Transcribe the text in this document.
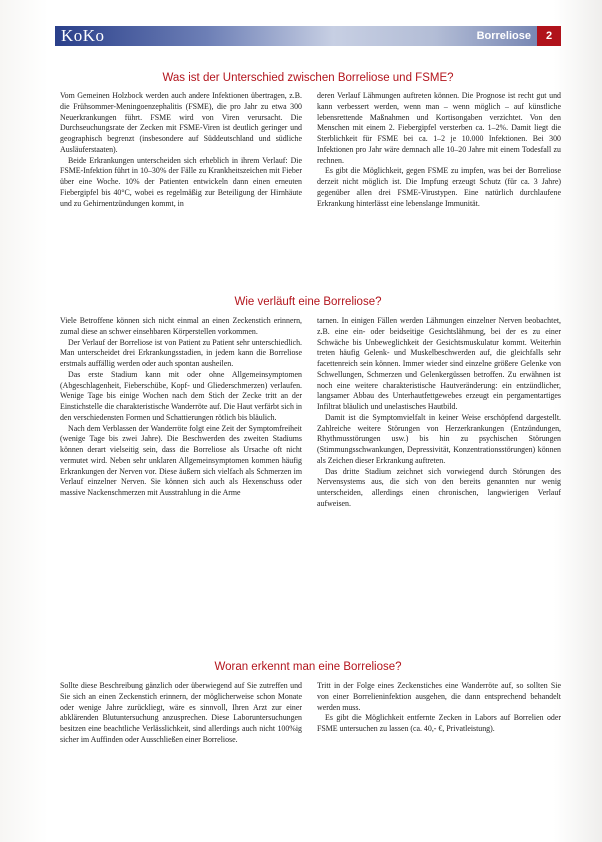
KoKo	Borreliose	2
Was ist der Unterschied zwischen Borreliose und FSME?

Vom Gemeinen Holzbock werden auch andere Infektionen übertragen, z.B. die Frühsommer-Meningoenzephalitis (FSME), die pro Jahr zu etwa 300 Neuerkrankungen führt. FSME wird von Viren verursacht. Die Durchseuchungsrate der Zecken mit FSME-Viren ist deutlich geringer und geographisch begrenzt (insbesondere auf Süddeutschland und südliche Ausläuferstaaten).

Beide Erkrankungen unterscheiden sich erheblich in ihrem Verlauf: Die FSME-Infektion führt in 10–30% der Fälle zu Krankheitszeichen mit Fieber über eine Woche. 10% der Patienten entwickeln dann einen erneuten Fiebergipfel bis 40°C, wobei es regelmäßig zur Beteiligung der Hirnhäute und zu Gehirnentzündungen kommt, in

deren Verlauf Lähmungen auftreten können. Die Prognose ist recht gut und kann verbessert werden, wenn man – wenn möglich – auf künstliche lebensrettende Maßnahmen und Kortisongaben verzichtet. Von den Menschen mit einem 2. Fiebergipfel versterben ca. 1–2%. Damit liegt die Sterblichkeit für FSME bei ca. 1–2 je 10.000 Infektionen. Bei 300 Infektionen pro Jahr wäre demnach alle 10–20 Jahre mit einem Todesfall zu rechnen.

Es gibt die Möglichkeit, gegen FSME zu impfen, was bei der Borreliose derzeit nicht möglich ist. Die Impfung erzeugt Schutz (für ca. 3 Jahre) gegenüber allen drei FSME-Virustypen. Eine natürlich durchlaufene Erkrankung hinterlässt eine lebenslange Immunität.

Wie verläuft eine Borreliose?

Viele Betroffene können sich nicht einmal an einen Zeckenstich erinnern, zumal diese an schwer einsehbaren Körperstellen vorkommen.

Der Verlauf der Borreliose ist von Patient zu Patient sehr unterschiedlich. Man unterscheidet drei Erkrankungsstadien, in jedem kann die Borreliose erstmals auffällig werden oder auch spontan ausheilen.

Das erste Stadium kann mit oder ohne Allgemeinsymptomen (Abgeschlagenheit, Fieberschübe, Kopf- und Gliederschmerzen) verlaufen. Wenige Tage bis einige Wochen nach dem Stich der Zecke tritt an der Einstichstelle die charakteristische Wanderröte auf. Die Haut verfärbt sich in den verschiedensten Formen und Schattierungen rötlich bis bläulich.

Nach dem Verblassen der Wanderröte folgt eine Zeit der Symptomfreiheit (wenige Tage bis zwei Jahre). Die Beschwerden des zweiten Stadiums können derart vielseitig sein, dass die Borreliose als Ursache oft nicht vermutet wird. Neben sehr unklaren Allgemeinsymptomen kommen häufig Erkrankungen der Nerven vor. Diese äußern sich vielfach als Schmerzen im Verlauf einzelner Nerven. Sie können sich auch als Hexenschuss oder massive Nackenschmerzen mit Ausstrahlung in die Arme

tarnen. In einigen Fällen werden Lähmungen einzelner Nerven beobachtet, z.B. eine ein- oder beidseitige Gesichtslähmung, bei der es zu einer Schwäche bis Unbeweglichkeit der Gesichtsmuskulatur kommt. Weiterhin treten häufig Gelenk- und Muskelbeschwerden auf, die gleichfalls sehr facettenreich sein können. Immer wieder sind einzelne größere Gelenke von Schwellungen, Schmerzen und Gelenkergüssen betroffen. Zu erwähnen ist noch eine weitere charakteristische Hautveränderung: ein entzündlicher, langsamer Abbau des Unterhautfettgewebes erzeugt ein pergamentartiges Infiltrat bläulich und unelastisches Hautbild.

Damit ist die Symptomvielfalt in keiner Weise erschöpfend dargestellt. Zahlreiche weitere Störungen von Herzerkrankungen (Entzündungen, Rhythmusstörungen usw.) bis hin zu psychischen Störungen (Stimmungsschwankungen, Depressivität, Konzentrationsstörungen) können als Zeichen dieser Erkrankung auftreten.

Das dritte Stadium zeichnet sich vorwiegend durch Störungen des Nervensystems aus, die sich von den bereits genannten nur wenig unterscheiden, allerdings einen chronischen, langwierigen Verlauf aufweisen.

Woran erkennt man eine Borreliose?

Sollte diese Beschreibung gänzlich oder überwiegend auf Sie zutreffen und Sie sich an einen Zeckenstich erinnern, der möglicherweise schon Monate oder wenige Jahre zurückliegt, wäre es sinnvoll, Ihren Arzt zur einer abklärenden Blutuntersuchung anzusprechen. Diese Laboruntersuchungen besitzen eine beachtliche Verlässlichkeit, sind allerdings auch nicht 100%ig sicher im Auffinden oder Ausschließen einer Borreliose.

Tritt in der Folge eines Zeckenstiches eine Wanderröte auf, so sollten Sie von einer Borrelieninfektion ausgehen, die dann entsprechend behandelt werden muss.

Es gibt die Möglichkeit entfernte Zecken in Labors auf Borrelien oder FSME untersuchen zu lassen (ca. 40,- €, Privatleistung).
